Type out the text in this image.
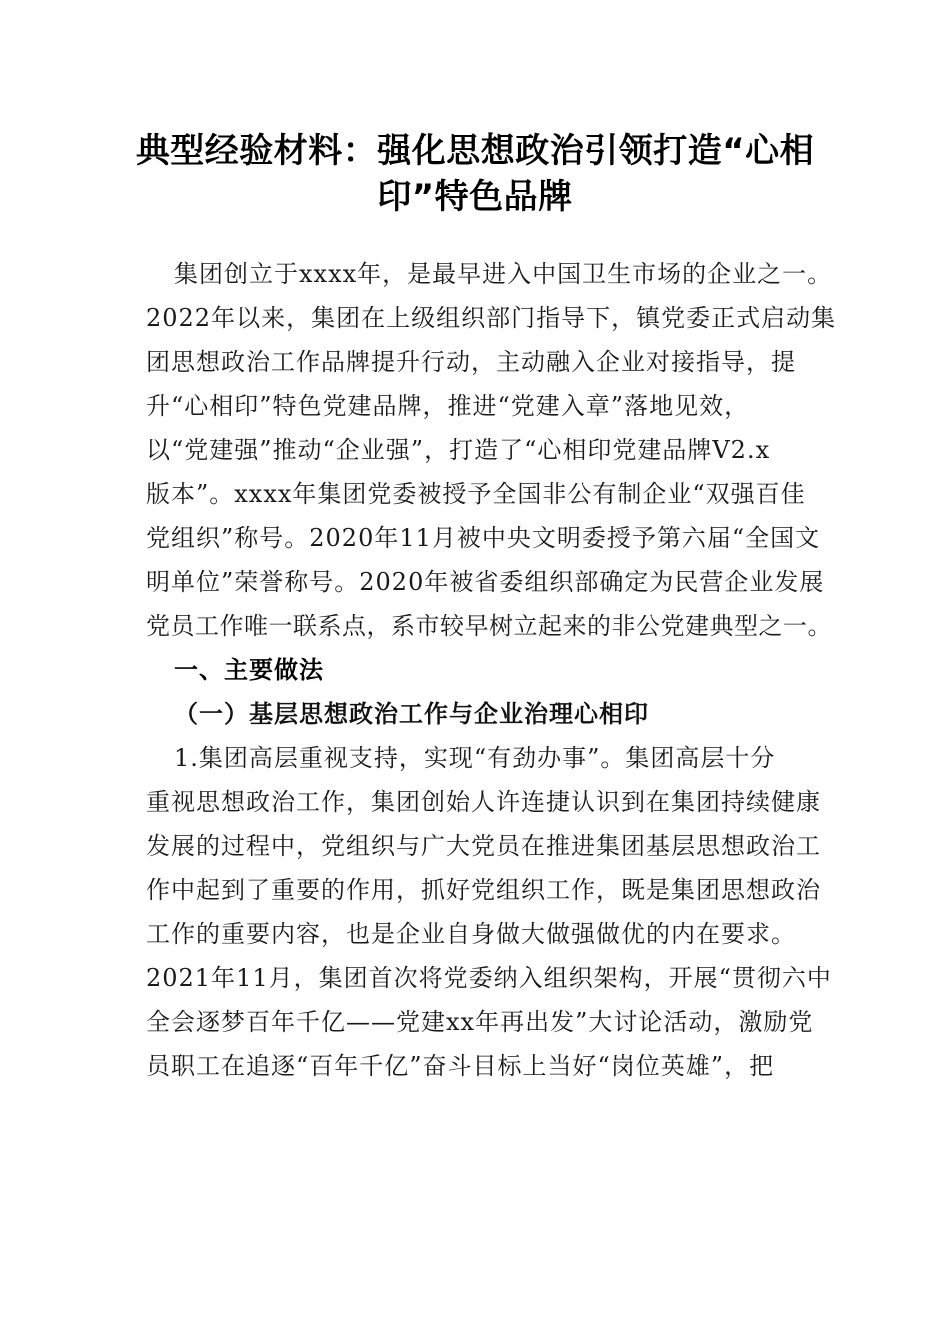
典型经验材料：强化思想政治引领打造“心相
印”特色品牌
集团创立于xxxx年，是最早进入中国卫生市场的企业之一。
2022年以来，集团在上级组织部门指导下，镇党委正式启动集
团思想政治工作品牌提升行动，主动融入企业对接指导，提
升“心相印”特色党建品牌，推进“党建入章”落地见效，
以“党建强”推动“企业强”，打造了“心相印党建品牌V2.x
版本”。xxxx年集团党委被授予全国非公有制企业“双强百佳
党组织”称号。2020年11月被中央文明委授予第六届“全国文
明单位”荣誉称号。2020年被省委组织部确定为民营企业发展
党员工作唯一联系点，系市较早树立起来的非公党建典型之一。
一、主要做法
（一）基层思想政治工作与企业治理心相印
1.集团高层重视支持，实现“有劲办事”。集团高层十分
重视思想政治工作，集团创始人许连捷认识到在集团持续健康
发展的过程中，党组织与广大党员在推进集团基层思想政治工
作中起到了重要的作用，抓好党组织工作，既是集团思想政治
工作的重要内容，也是企业自身做大做强做优的内在要求。
2021年11月，集团首次将党委纳入组织架构，开展“贯彻六中
全会逐梦百年千亿——党建xx年再出发”大讨论活动，激励党
员职工在追逐“百年千亿”奋斗目标上当好“岗位英雄”，把
